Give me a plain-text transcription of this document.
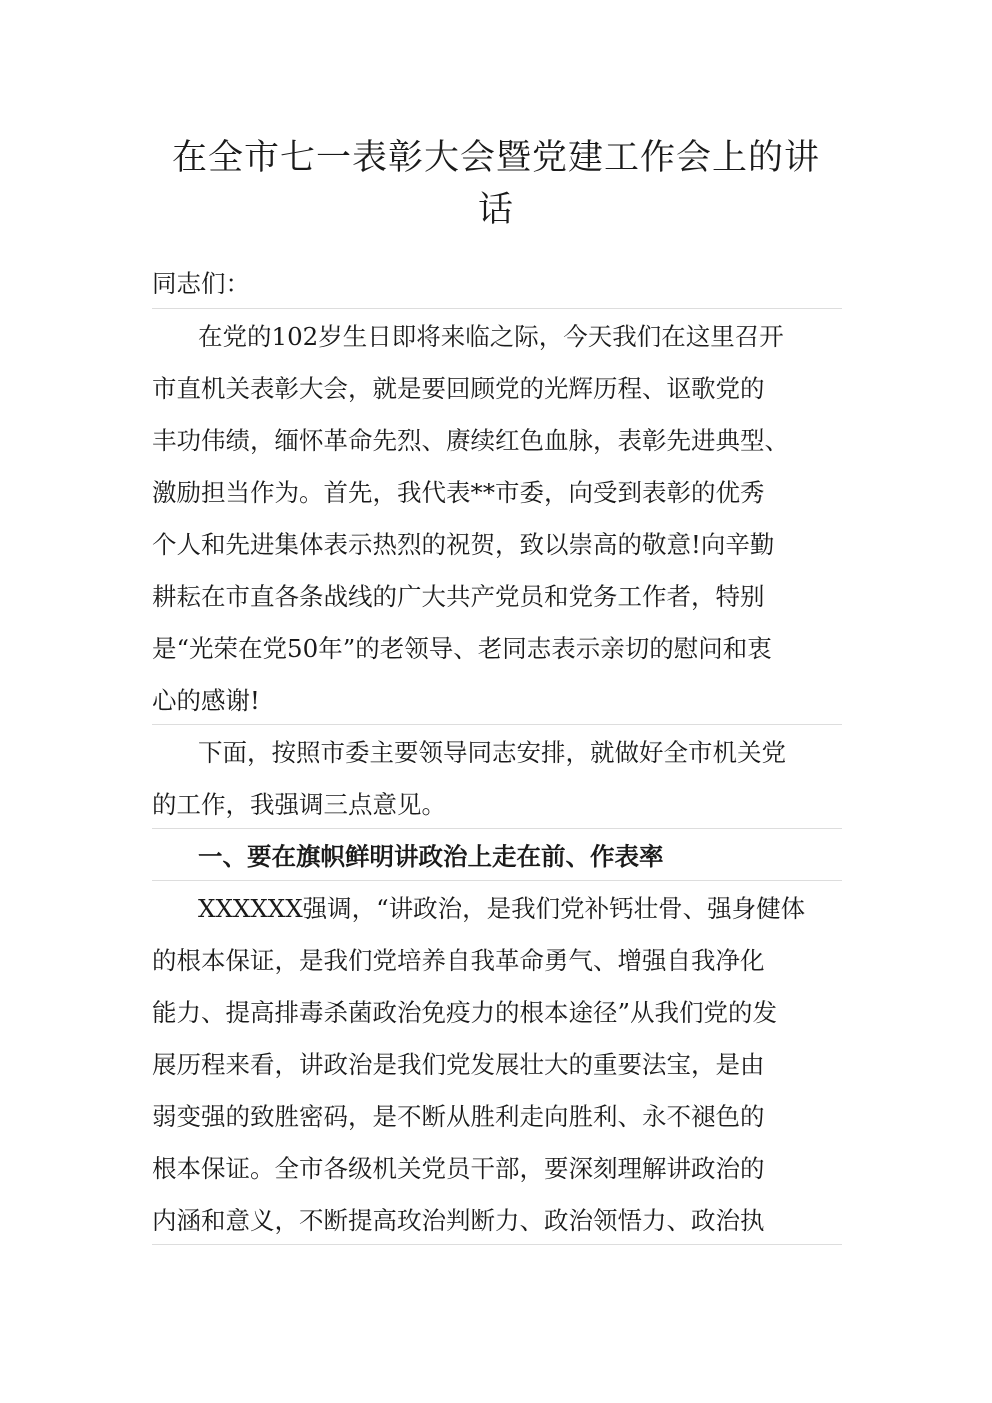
在全市七一表彰大会暨党建工作会上的讲
话
同志们：
在党的102岁生日即将来临之际，今天我们在这里召开
市直机关表彰大会，就是要回顾党的光辉历程、讴歌党的
丰功伟绩，缅怀革命先烈、赓续红色血脉，表彰先进典型、
激励担当作为。首先，我代表**市委，向受到表彰的优秀
个人和先进集体表示热烈的祝贺，致以崇高的敬意!向辛勤
耕耘在市直各条战线的广大共产党员和党务工作者，特别
是“光荣在党50年”的老领导、老同志表示亲切的慰问和衷
心的感谢!
下面，按照市委主要领导同志安排，就做好全市机关党
的工作，我强调三点意见。
一、要在旗帜鲜明讲政治上走在前、作表率
XXXXXX强调，“讲政治，是我们党补钙壮骨、强身健体
的根本保证，是我们党培养自我革命勇气、增强自我净化
能力、提高排毒杀菌政治免疫力的根本途径”从我们党的发
展历程来看，讲政治是我们党发展壮大的重要法宝，是由
弱变强的致胜密码，是不断从胜利走向胜利、永不褪色的
根本保证。全市各级机关党员干部，要深刻理解讲政治的
内涵和意义，不断提高玫治判断力、政治领悟力、政治执
